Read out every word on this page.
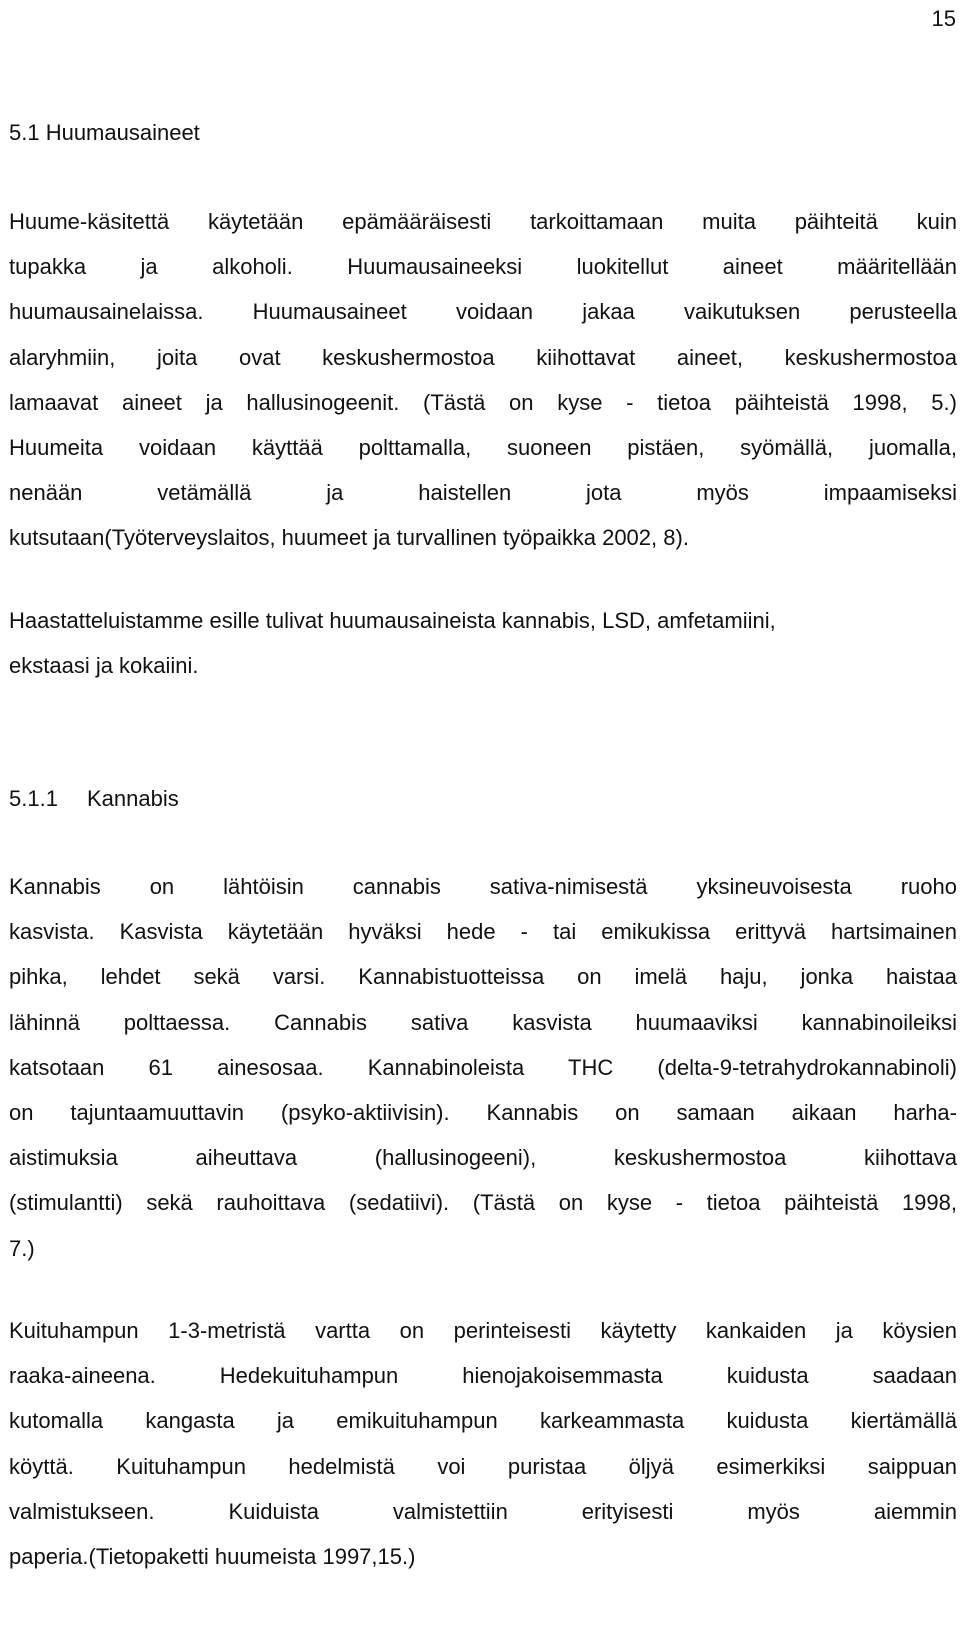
15
5.1 Huumausaineet
Huume-käsitettä käytetään epämääräisesti tarkoittamaan muita päihteitä kuin
tupakka ja alkoholi. Huumausaineeksi luokitellut aineet määritellään
huumausainelaissa. Huumausaineet voidaan jakaa vaikutuksen perusteella
alaryhmiin, joita ovat keskushermostoa kiihottavat aineet, keskushermostoa
lamaavat aineet ja hallusinogeenit. (Tästä on kyse - tietoa päihteistä 1998, 5.)
Huumeita voidaan käyttää polttamalla, suoneen pistäen, syömällä, juomalla,
nenään vetämällä ja haistellen jota myös impaamiseksi
kutsutaan(Työterveyslaitos, huumeet ja turvallinen työpaikka 2002, 8).
Haastatteluistamme esille tulivat huumausaineista kannabis, LSD, amfetamiini,
ekstaasi ja kokaiini.
5.1.1 Kannabis
Kannabis on lähtöisin cannabis sativa-nimisestä yksineuvoisesta ruoho
kasvista. Kasvista käytetään hyväksi hede - tai emikukissa erittyvä hartsimainen
pihka, lehdet sekä varsi. Kannabistuotteissa on imelä haju, jonka haistaa
lähinnä polttaessa. Cannabis sativa kasvista huumaaviksi kannabinoileiksi
katsotaan 61 ainesosaa. Kannabinoleista THC (delta-9-tetrahydrokannabinoli)
on tajuntaamuuttavin (psyko-aktiivisin). Kannabis on samaan aikaan harha-
aistimuksia aiheuttava (hallusinogeeni), keskushermostoa kiihottava
(stimulantti) sekä rauhoittava (sedatiivi). (Tästä on kyse - tietoa päihteistä 1998,
7.)
Kuituhampun 1-3-metristä vartta on perinteisesti käytetty kankaiden ja köysien
raaka-aineena. Hedekuituhampun hienojakoisemmasta kuidusta saadaan
kutomalla kangasta ja emikuituhampun karkeammasta kuidusta kiertämällä
köyttä. Kuituhampun hedelmistä voi puristaa öljyä esimerkiksi saippuan
valmistukseen. Kuiduista valmistettiin erityisesti myös aiemmin
paperia.(Tietopaketti huumeista 1997,15.)
